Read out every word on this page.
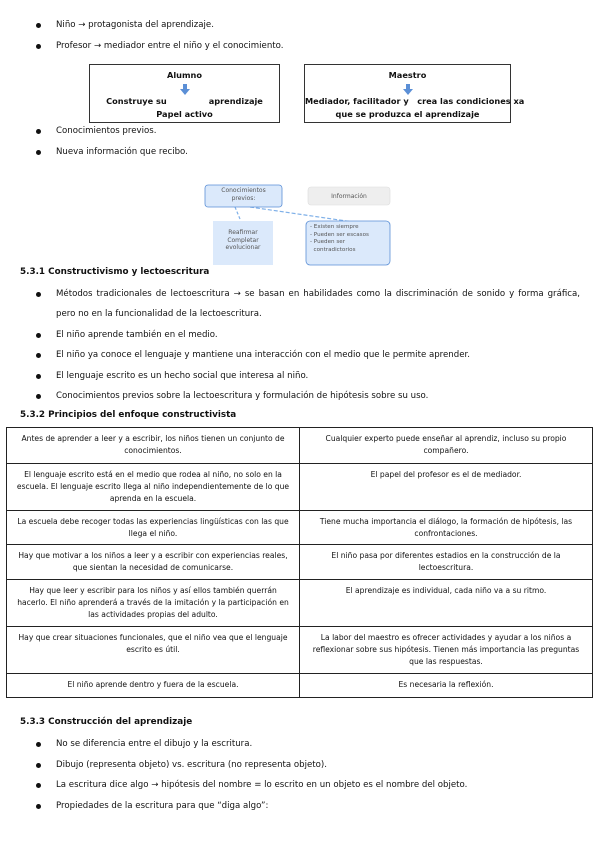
Niño → protagonista del aprendizaje.
Profesor → mediador entre el niño y el conocimiento.
Alumno
Construye su	aprendizaje
Papel activo
Maestro
Mediador, facilitador y   crea las condiciones xa
que se produzca el aprendizaje
Conocimientos previos.
Nueva información que recibo.
Conocimientos
previos:	Información
Reafirmar
Completar
evolucionar
- Existen siempre
- Pueden ser escasos
- Pueden ser
contradictorios
5.3.1 Constructivismo y lectoescritura
Métodos tradicionales de lectoescritura → se basan en habilidades como la discriminación de sonido y forma gráfica, pero no en la funcionalidad de la lectoescritura.
El niño aprende también en el medio.
El niño ya conoce el lenguaje y mantiene una interacción con el medio que le permite aprender.
El lenguaje escrito es un hecho social que interesa al niño.
Conocimientos previos sobre la lectoescritura y formulación de hipótesis sobre su uso.
5.3.2 Principios del enfoque constructivista
Antes de aprender a leer y a escribir, los niños tienen un conjunto de conocimientos.	Cualquier experto puede enseñar al aprendiz, incluso su propio compañero.
El lenguaje escrito está en el medio que rodea al niño, no solo en la escuela. El lenguaje escrito llega al niño independientemente de lo que aprenda en la escuela.	El papel del profesor es el de mediador.
La escuela debe recoger todas las experiencias lingüísticas con las que llega el niño.	Tiene mucha importancia el diálogo, la formación de hipótesis, las confrontaciones.
Hay que motivar a los niños a leer y a escribir con experiencias reales, que sientan la necesidad de comunicarse.	El niño pasa por diferentes estadios en la construcción de la lectoescritura.
Hay que leer y escribir para los niños y así ellos también querrán hacerlo. El niño aprenderá a través de la imitación y la participación en las actividades propias del adulto.	El aprendizaje es individual, cada niño va a su ritmo.
Hay que crear situaciones funcionales, que el niño vea que el lenguaje escrito es útil.	La labor del maestro es ofrecer actividades y ayudar a los niños a reflexionar sobre sus hipótesis. Tienen más importancia las preguntas que las respuestas.
El niño aprende dentro y fuera de la escuela.	Es necesaria la reflexión.
5.3.3 Construcción del aprendizaje
No se diferencia entre el dibujo y la escritura.
Dibujo (representa objeto) vs. escritura (no representa objeto).
La escritura dice algo → hipótesis del nombre = lo escrito en un objeto es el nombre del objeto.
Propiedades de la escritura para que “diga algo”:
